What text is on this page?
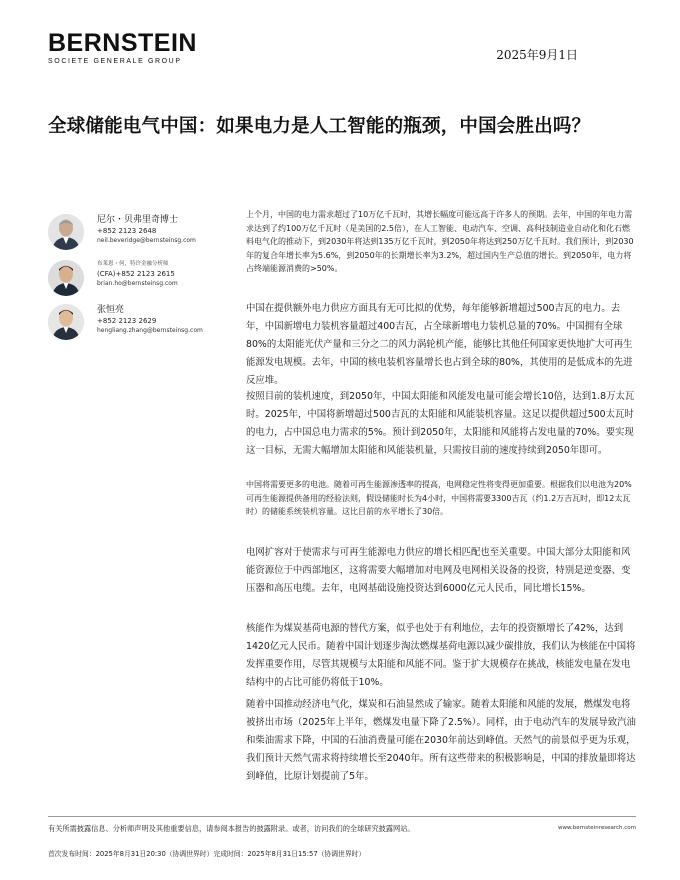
BERNSTEIN
SOCIETE GENERALE GROUP	2025年9月1日
全球储能电气中国：如果电力是人工智能的瓶颈，中国会胜出吗？
尼尔・贝弗里奇博士
+852 2123 2648
neil.beveridge@bernsteinsg.com
布莱恩・何，特许金融分析师
(CFA)+852 2123 2615
brian.ho@bernsteinsg.com
张恒亮
+852 2123 2629
hengliang.zhang@bernsteinsg.com

上个月，中国的电力需求超过了10万亿千瓦时，其增长幅度可能远高于许多人的预期。去年，中国的年电力需求达到了约100万亿千瓦时（是美国的2.5倍），在人工智能、电动汽车、空调、高科技制造业自动化和化石燃料电气化的推动下，到2030年将达到135万亿千瓦时，到2050年将达到250万亿千瓦时。我们预计，到2030年的复合年增长率为5.6%，到2050年的长期增长率为3.2%，超过国内生产总值的增长。到2050年，电力将占终端能源消费的>50%。

中国在提供额外电力供应方面具有无可比拟的优势，每年能够新增超过500吉瓦的电力。去年，中国新增电力装机容量超过400吉瓦，占全球新增电力装机总量的70%。中国拥有全球80%的太阳能光伏产量和三分之二的风力涡轮机产能，能够比其他任何国家更快地扩大可再生能源发电规模。去年，中国的核电装机容量增长也占到全球的80%，其使用的是低成本的先进反应堆。

按照目前的装机速度，到2050年，中国太阳能和风能发电量可能会增长10倍，达到1.8万太瓦时。2025年，中国将新增超过500吉瓦的太阳能和风能装机容量。这足以提供超过500太瓦时的电力，占中国总电力需求的5%。预计到2050年，太阳能和风能将占发电量的70%。要实现这一目标，无需大幅增加太阳能和风能装机量，只需按目前的速度持续到2050年即可。

中国将需要更多的电池。随着可再生能源渗透率的提高，电网稳定性将变得更加重要。根据我们以电池为20%可再生能源提供备用的经验法则，假设储能时长为4小时，中国将需要3300吉瓦（约1.2万吉瓦时，即12太瓦时）的储能系统装机容量。这比目前的水平增长了30倍。

电网扩容对于使需求与可再生能源电力供应的增长相匹配也至关重要。中国大部分太阳能和风能资源位于中西部地区，这将需要大幅增加对电网及电网相关设备的投资，特别是逆变器、变压器和高压电缆。去年，电网基础设施投资达到6000亿元人民币，同比增长15%。

核能作为煤炭基荷电源的替代方案，似乎也处于有利地位，去年的投资额增长了42%，达到1420亿元人民币。随着中国计划逐步淘汰燃煤基荷电源以减少碳排放，我们认为核能在中国将发挥重要作用，尽管其规模与太阳能和风能不同。鉴于扩大规模存在挑战，核能发电量在发电结构中的占比可能仍将低于10%。

随着中国推动经济电气化，煤炭和石油显然成了输家。随着太阳能和风能的发展，燃煤发电将被挤出市场（2025年上半年，燃煤发电量下降了2.5%）。同样，由于电动汽车的发展导致汽油和柴油需求下降，中国的石油消费量可能在2030年前达到峰值。天然气的前景似乎更为乐观，我们预计天然气需求将持续增长至2040年。所有这些带来的积极影响是，中国的排放量即将达到峰值，比原计划提前了5年。

有关所需披露信息、分析师声明及其他重要信息，请参阅本报告的披露附录。或者，访问我们的全球研究披露网站。	www.bernsteinresearch.com
首次发布时间：2025年8月31日20:30（协调世界时）完成时间：2025年8月31日15:57（协调世界时）
